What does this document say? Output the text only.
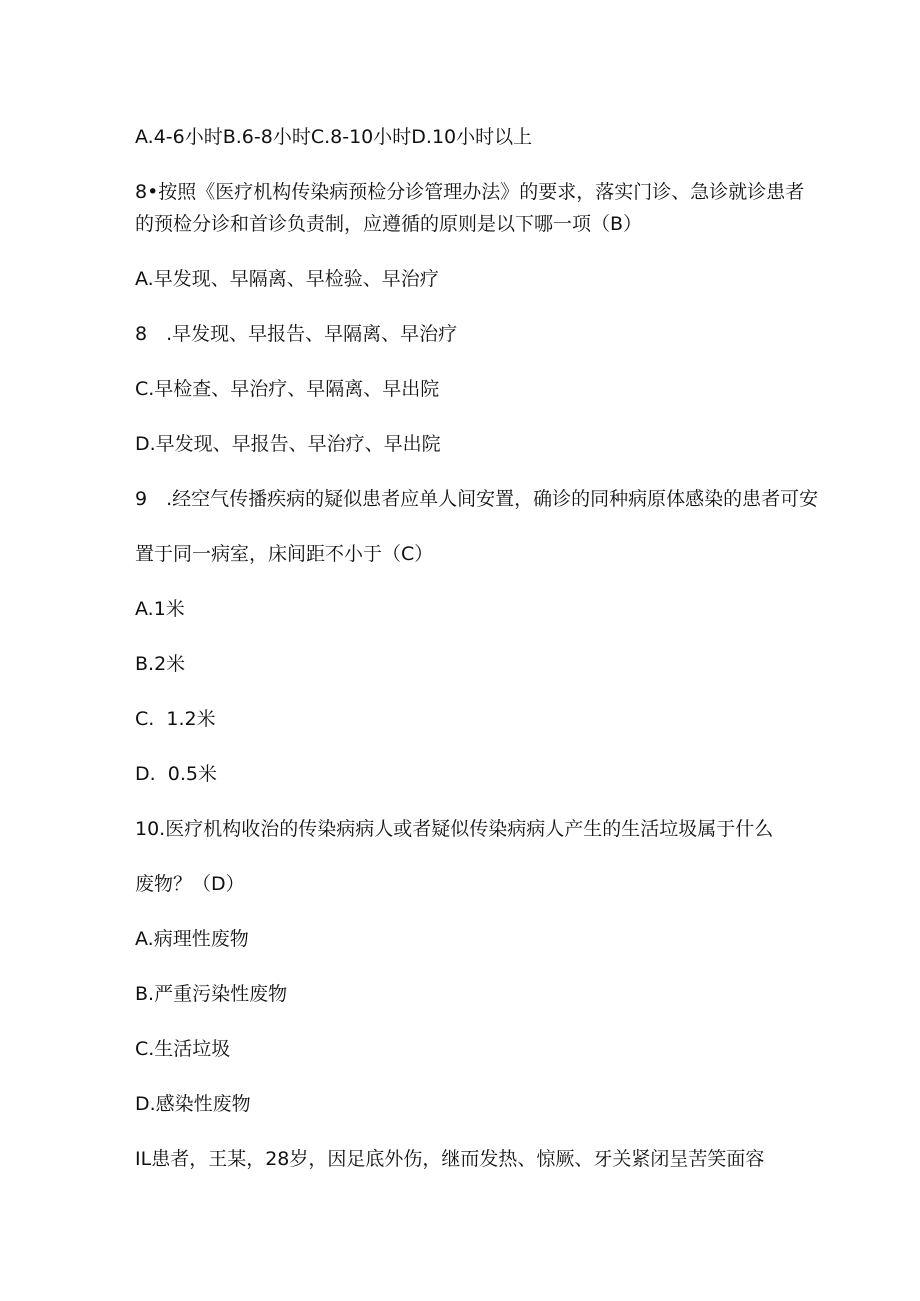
A.4-6小时B.6-8小时C.8-10小时D.10小时以上
8•按照《医疗机构传染病预检分诊管理办法》的要求，落实门诊、急诊就诊患者
的预检分诊和首诊负责制，应遵循的原则是以下哪一项（B）
A.早发现、早隔离、早检验、早治疗
8　.早发现、早报告、早隔离、早治疗
C.早检查、早治疗、早隔离、早出院
D.早发现、早报告、早治疗、早出院
9　.经空气传播疾病的疑似患者应单人间安置，确诊的同种病原体感染的患者可安
置于同一病室，床间距不小于（C）
A.1米
B.2米
C.  1.2米
D.  0.5米
10.医疗机构收治的传染病病人或者疑似传染病病人产生的生活垃圾属于什么
废物？（D）
A.病理性废物
B.严重污染性废物
C.生活垃圾
D.感染性废物
IL患者，王某，28岁，因足底外伤，继而发热、惊厥、牙关紧闭呈苦笑面容
